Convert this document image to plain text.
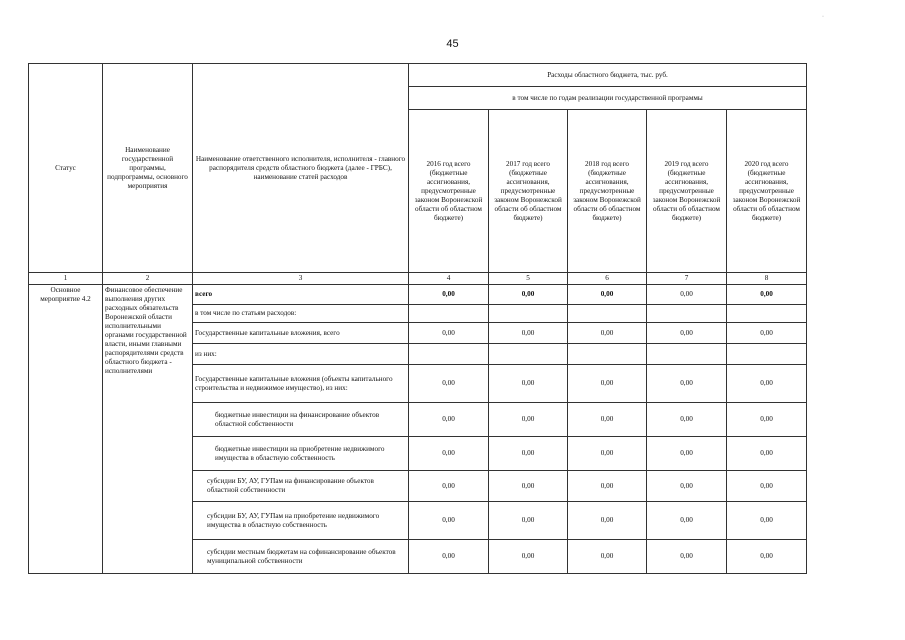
45
·
Статус	Наименование государственной программы, подпрограммы, основного мероприятия	Наименование ответственного исполнителя, исполнителя - главного распорядителя средств областного бюджета (далее - ГРБС), наименование статей расходов	Расходы областного бюджета, тыс. руб.				
			в том числе по годам реализации государственной программы				
			2016 год всего (бюджетные ассигнования, предусмотренные законом Воронежской области об областном бюджете)	2017 год всего (бюджетные ассигнования, предусмотренные законом Воронежской области об областном бюджете)	2018 год всего (бюджетные ассигнования, предусмотренные законом Воронежской области об областном бюджете)	2019 год всего (бюджетные ассигнования, предусмотренные законом Воронежской области об областном бюджете)	2020 год всего (бюджетные ассигнования, предусмотренные законом Воронежской области об областном бюджете)
1	2	3	4	5	6	7	8
Основное мероприятие 4.2	Финансовое обеспечение выполнения других расходных обязательств Воронежской области исполнительными органами государственной власти, иными главными распорядителями средств областного бюджета - исполнителями	всего	0,00	0,00	0,00	0,00	0,00
		в том числе по статьям расходов:					
		Государственные капитальные вложения, всего	0,00	0,00	0,00	0,00	0,00
		из них:					
		Государственные капитальные вложения (объекты капитального строительства и недвижимое имущество), из них:	0,00	0,00	0,00	0,00	0,00
		бюджетные инвестиции на финансирование объектов областной собственности	0,00	0,00	0,00	0,00	0,00
		бюджетные инвестиции на приобретение недвижимого имущества в областную собственность	0,00	0,00	0,00	0,00	0,00
		субсидии БУ, АУ, ГУПам на финансирование объектов областной собственности	0,00	0,00	0,00	0,00	0,00
		субсидии БУ, АУ, ГУПам на приобретение недвижимого имущества в областную собственность	0,00	0,00	0,00	0,00	0,00
		субсидии местным бюджетам на софинансирование объектов муниципальной собственности	0,00	0,00	0,00	0,00	0,00
